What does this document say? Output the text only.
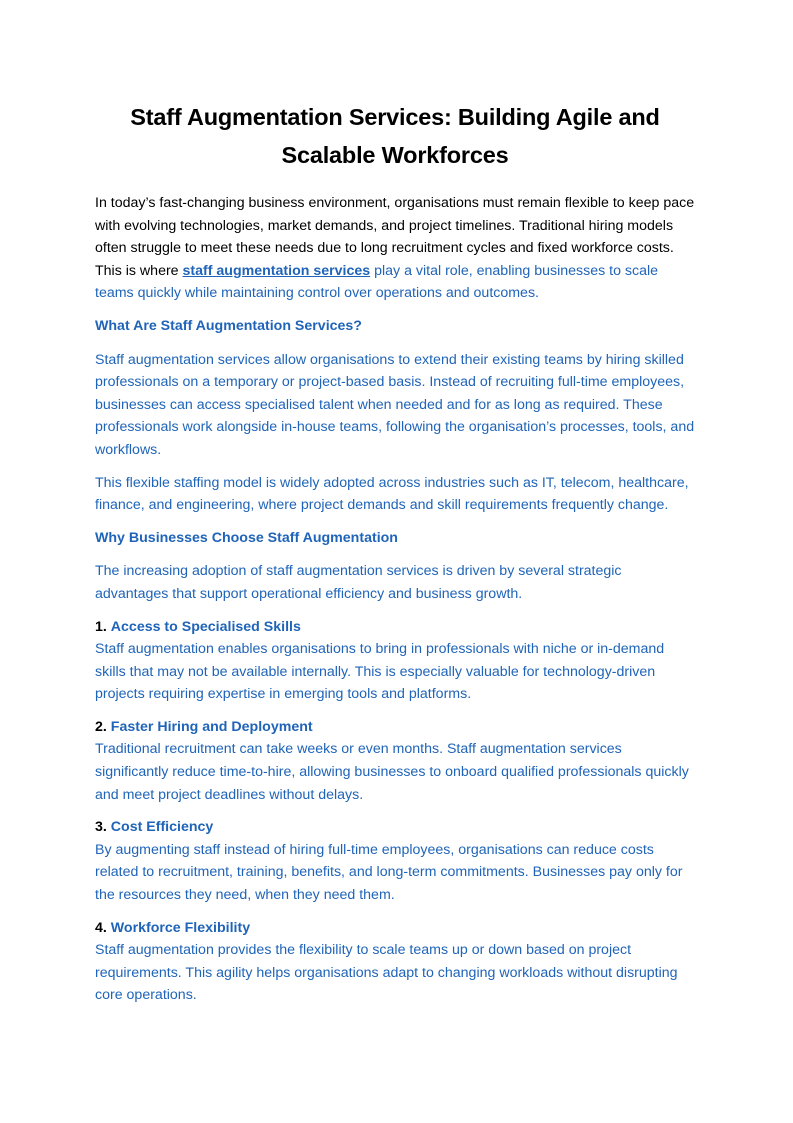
Staff Augmentation Services: Building Agile and Scalable Workforces

In today’s fast-changing business environment, organisations must remain flexible to keep pace with evolving technologies, market demands, and project timelines. Traditional hiring models often struggle to meet these needs due to long recruitment cycles and fixed workforce costs. This is where staff augmentation services play a vital role, enabling businesses to scale teams quickly while maintaining control over operations and outcomes.

What Are Staff Augmentation Services?

Staff augmentation services allow organisations to extend their existing teams by hiring skilled professionals on a temporary or project-based basis. Instead of recruiting full-time employees, businesses can access specialised talent when needed and for as long as required. These professionals work alongside in-house teams, following the organisation’s processes, tools, and workflows.

This flexible staffing model is widely adopted across industries such as IT, telecom, healthcare, finance, and engineering, where project demands and skill requirements frequently change.

Why Businesses Choose Staff Augmentation

The increasing adoption of staff augmentation services is driven by several strategic advantages that support operational efficiency and business growth.

1. Access to Specialised Skills
Staff augmentation enables organisations to bring in professionals with niche or in-demand skills that may not be available internally. This is especially valuable for technology-driven projects requiring expertise in emerging tools and platforms.
2. Faster Hiring and Deployment
Traditional recruitment can take weeks or even months. Staff augmentation services significantly reduce time-to-hire, allowing businesses to onboard qualified professionals quickly and meet project deadlines without delays.
3. Cost Efficiency
By augmenting staff instead of hiring full-time employees, organisations can reduce costs related to recruitment, training, benefits, and long-term commitments. Businesses pay only for the resources they need, when they need them.
4. Workforce Flexibility
Staff augmentation provides the flexibility to scale teams up or down based on project requirements. This agility helps organisations adapt to changing workloads without disrupting core operations.
